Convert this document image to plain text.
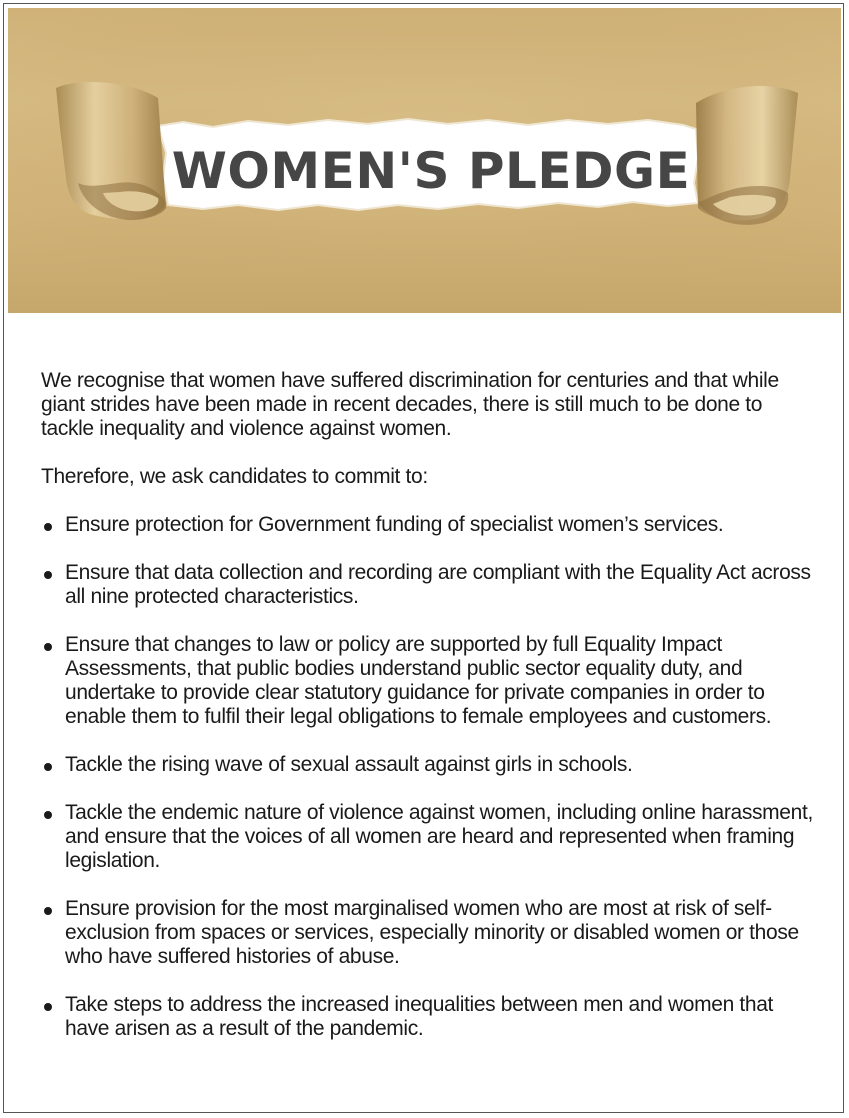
WOMEN'S PLEDGE

We recognise that women have suffered discrimination for centuries and that while giant strides have been made in recent decades, there is still much to be done to tackle inequality and violence against women.

Therefore, we ask candidates to commit to:

Ensure protection for Government funding of specialist women’s services.
Ensure that data collection and recording are compliant with the Equality Act across all nine protected characteristics.
Ensure that changes to law or policy are supported by full Equality Impact Assessments, that public bodies understand public sector equality duty, and undertake to provide clear statutory guidance for private companies in order to enable them to fulfil their legal obligations to female employees and customers.
Tackle the rising wave of sexual assault against girls in schools.
Tackle the endemic nature of violence against women, including online harassment, and ensure that the voices of all women are heard and represented when framing legislation.
Ensure provision for the most marginalised women who are most at risk of self-exclusion from spaces or services, especially minority or disabled women or those who have suffered histories of abuse.
Take steps to address the increased inequalities between men and women that have arisen as a result of the pandemic.
